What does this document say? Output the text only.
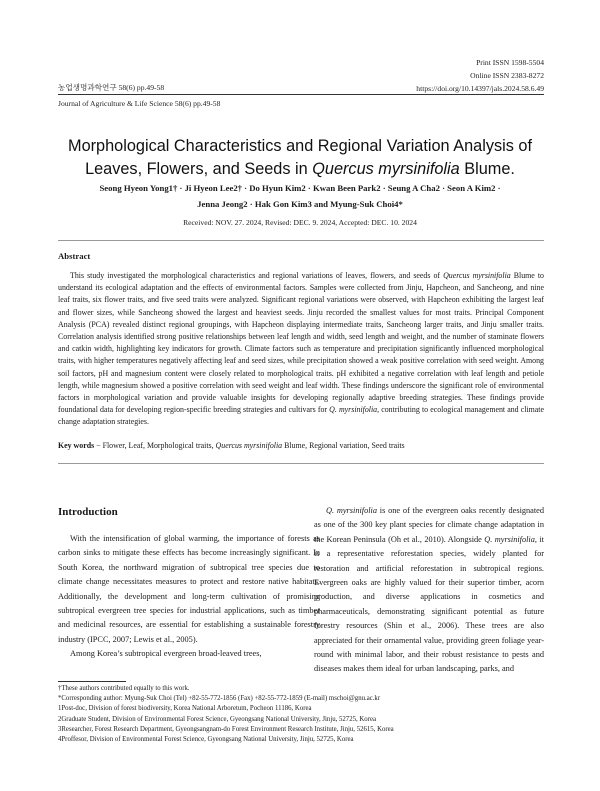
Print ISSN 1598-5504
Online ISSN 2383-8272
https://doi.org/10.14397/jals.2024.58.6.49
농업생명과학연구 58(6) pp.49-58
Journal of Agriculture & Life Science 58(6) pp.49-58
Morphological Characteristics and Regional Variation Analysis of
Leaves, Flowers, and Seeds in Quercus myrsinifolia Blume.
Seong Hyeon Yong1† · Ji Hyeon Lee2† · Do Hyun Kim2 · Kwan Been Park2 · Seung A Cha2 · Seon A Kim2 ·
Jenna Jeong2 · Hak Gon Kim3 and Myung-Suk Choi4*
Received: NOV. 27. 2024, Revised: DEC. 9. 2024, Accepted: DEC. 10. 2024
Abstract
This study investigated the morphological characteristics and regional variations of leaves, flowers, and seeds of Quercus myrsinifolia Blume to understand its ecological adaptation and the effects of environmental factors. Samples were collected from Jinju, Hapcheon, and Sancheong, and nine leaf traits, six flower traits, and five seed traits were analyzed. Significant regional variations were observed, with Hapcheon exhibiting the largest leaf and flower sizes, while Sancheong showed the largest and heaviest seeds. Jinju recorded the smallest values for most traits. Principal Component Analysis (PCA) revealed distinct regional groupings, with Hapcheon displaying intermediate traits, Sancheong larger traits, and Jinju smaller traits. Correlation analysis identified strong positive relationships between leaf length and width, seed length and weight, and the number of staminate flowers and catkin width, highlighting key indicators for growth. Climate factors such as temperature and precipitation significantly influenced morphological traits, with higher temperatures negatively affecting leaf and seed sizes, while precipitation showed a weak positive correlation with seed weight. Among soil factors, pH and magnesium content were closely related to morphological traits. pH exhibited a negative correlation with leaf length and petiole length, while magnesium showed a positive correlation with seed weight and leaf width. These findings underscore the significant role of environmental factors in morphological variation and provide valuable insights for developing regionally adaptive breeding strategies. These findings provide foundational data for developing region-specific breeding strategies and cultivars for Q. myrsinifolia, contributing to ecological management and climate change adaptation strategies.
Key words − Flower, Leaf, Morphological traits, Quercus myrsinifolia Blume, Regional variation, Seed traits
Introduction

With the intensification of global warming, the importance of forests as carbon sinks to mitigate these effects has become increasingly significant. In South Korea, the northward migration of subtropical tree species due to climate change necessitates measures to protect and restore native habitats. Additionally, the development and long-term cultivation of promising subtropical evergreen tree species for industrial applications, such as timber and medicinal resources, are essential for establishing a sustainable forestry industry (IPCC, 2007; Lewis et al., 2005).

Among Korea’s subtropical evergreen broad-leaved trees,

Q. myrsinifolia is one of the evergreen oaks recently designated as one of the 300 key plant species for climate change adaptation in the Korean Peninsula (Oh et al., 2010). Alongside Q. myrsinifolia, it is a representative reforestation species, widely planted for restoration and artificial reforestation in subtropical regions. Evergreen oaks are highly valued for their superior timber, acorn production, and diverse applications in cosmetics and pharmaceuticals, demonstrating significant potential as future forestry resources (Shin et al., 2006). These trees are also appreciated for their ornamental value, providing green foliage year-round with minimal labor, and their robust resistance to pests and diseases makes them ideal for urban landscaping, parks, and

†These authors contributed equally to this work.
*Corresponding author: Myung-Suk Choi (Tel) +82-55-772-1856 (Fax) +82-55-772-1859 (E-mail) mschoi@gnu.ac.kr
1Post-doc, Division of forest biodiversity, Korea National Arboretum, Pocheon 11186, Korea
2Graduate Student, Division of Environmental Forest Science, Gyeongsang National University, Jinju, 52725, Korea
3Researcher, Forest Research Department, Gyeongsangnam-do Forest Environment Research Institute, Jinju, 52615, Korea
4Proffesor, Division of Environmental Forest Science, Gyeongsang National University, Jinju, 52725, Korea
